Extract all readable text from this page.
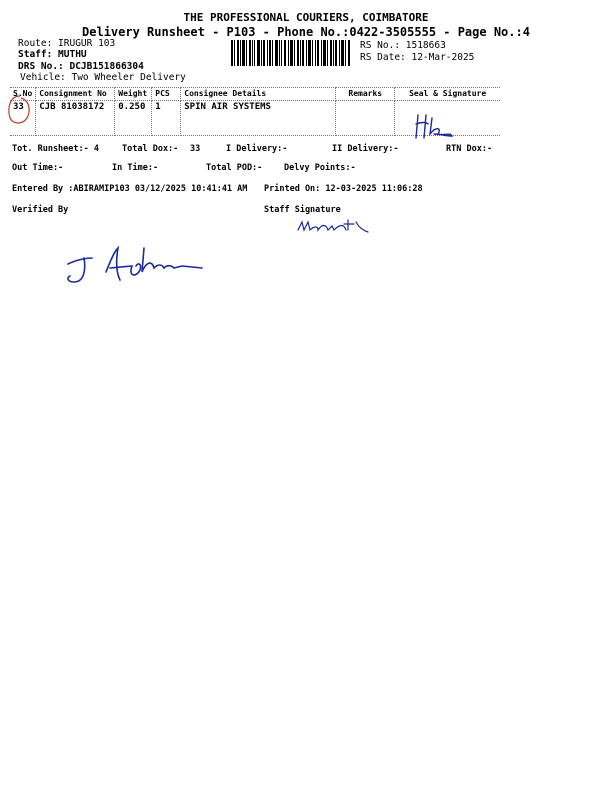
THE PROFESSIONAL COURIERS, COIMBATORE
Delivery Runsheet - P103 - Phone No.:0422-3505555 - Page No.:4
Route: IRUGUR 103
Staff: MUTHU
DRS No.: DCJB151866304
Vehicle: Two Wheeler Delivery
RS No.: 1518663
RS Date: 12-Mar-2025
S.No	Consignment No	Weight	PCS	Consignee Details	Remarks	Seal & Signature
33	CJB 81038172	0.250	1	SPIN AIR SYSTEMS		
Tot. Runsheet:- 4	Total Dox:- 33	I Delivery:-	II Delivery:-	RTN Dox:-
Out Time:-	In Time:-	Total POD:-	Delvy Points:-
Entered By :ABIRAMIP103 03/12/2025 10:41:41 AM Printed On: 12-03-2025 11:06:28
Verified By	Staff Signature
